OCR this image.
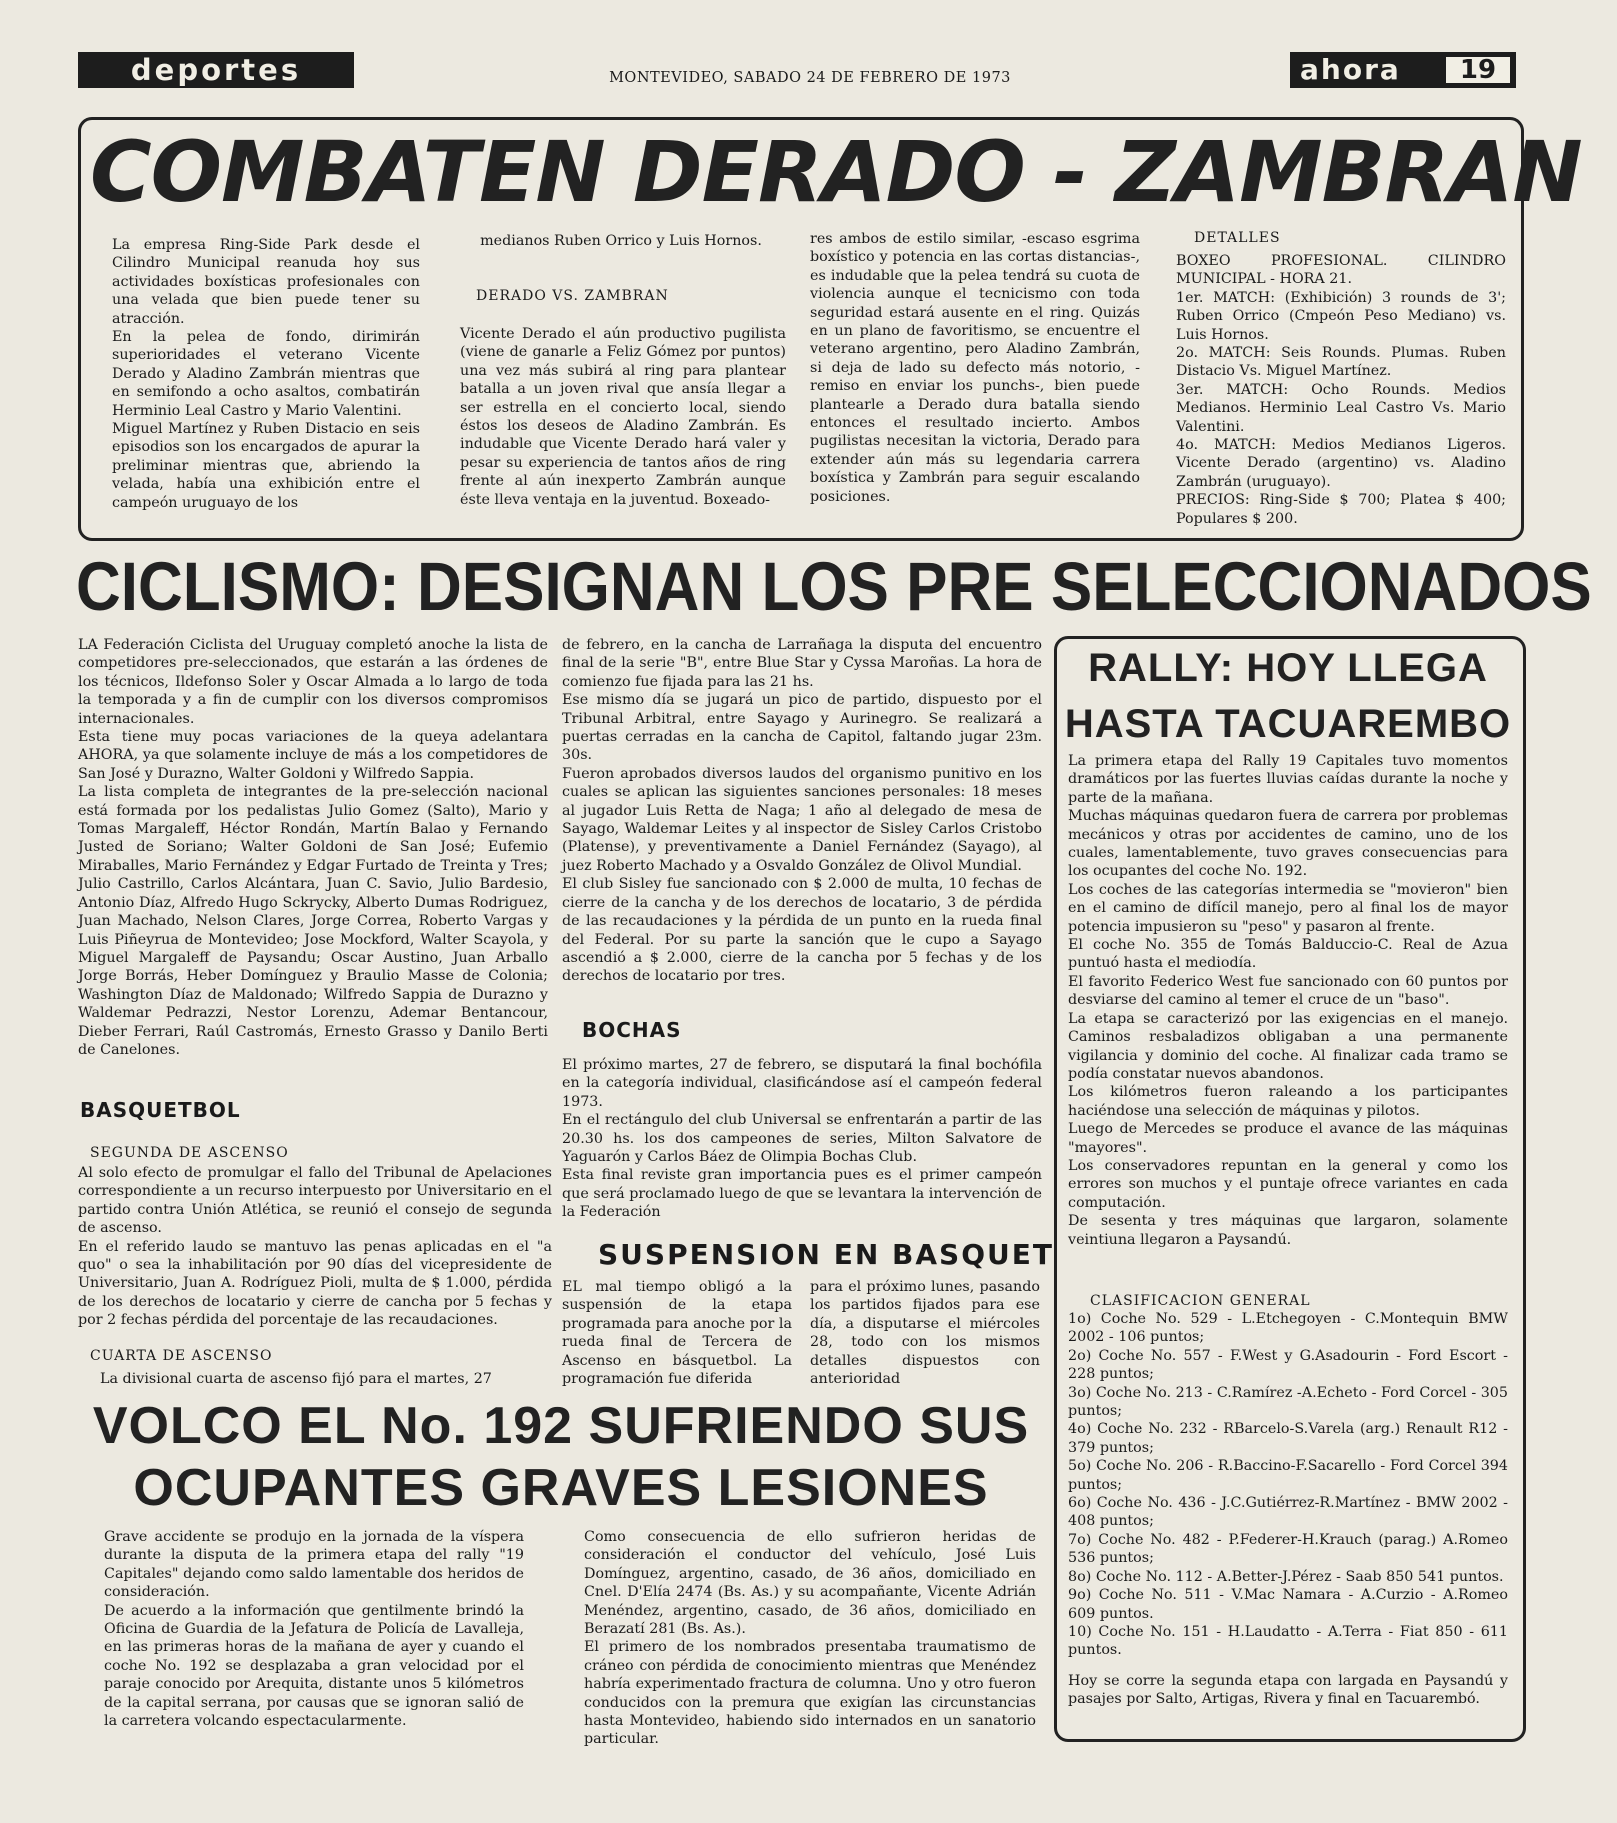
deportes	MONTEVIDEO, SABADO 24 DE FEBRERO DE 1973	ahora	19
COMBATEN DERADO - ZAMBRAN

La empresa Ring-Side Park desde el Cilindro Municipal reanuda hoy sus actividades boxísticas profesionales con una velada que bien puede tener su atracción.
En la pelea de fondo, dirimirán superioridades el veterano Vicente Derado y Aladino Zambrán mientras que en semifondo a ocho asaltos, combatirán Herminio Leal Castro y Mario Valentini.
Miguel Martínez y Ruben Distacio en seis episodios son los encargados de apurar la preliminar mientras que, abriendo la velada, había una exhibición entre el campeón uruguayo de los

medianos Ruben Orrico y Luis Hornos.
DERADO VS. ZAMBRAN

Vicente Derado el aún productivo pugilista (viene de ganarle a Feliz Gómez por puntos) una vez más subirá al ring para plantear batalla a un joven rival que ansía llegar a ser estrella en el concierto local, siendo éstos los deseos de Aladino Zambrán. Es indudable que Vicente Derado hará valer y pesar su experiencia de tantos años de ring frente al aún inexperto Zambrán aunque éste lleva ventaja en la juventud. Boxeado-

res ambos de estilo similar, -escaso esgrima boxístico y potencia en las cortas distancias-, es indudable que la pelea tendrá su cuota de violencia aunque el tecnicismo con toda seguridad estará ausente en el ring. Quizás en un plano de favoritismo, se encuentre el veterano argentino, pero Aladino Zambrán, si deja de lado su defecto más notorio, -remiso en enviar los punchs-, bien puede plantearle a Derado dura batalla siendo entonces el resultado incierto. Ambos pugilistas necesitan la victoria, Derado para extender aún más su legendaria carrera boxística y Zambrán para seguir escalando posiciones.

DETALLES

BOXEO PROFESIONAL. CILINDRO MUNICIPAL - HORA 21.
1er. MATCH: (Exhibición) 3 rounds de 3'; Ruben Orrico (Cmpeón Peso Mediano) vs. Luis Hornos.
2o. MATCH: Seis Rounds. Plumas. Ruben Distacio Vs. Miguel Martínez.
3er. MATCH: Ocho Rounds. Medios Medianos. Herminio Leal Castro Vs. Mario Valentini.
4o. MATCH: Medios Medianos Ligeros. Vicente Derado (argentino) vs. Aladino Zambrán (uruguayo).
PRECIOS: Ring-Side $ 700; Platea $ 400; Populares $ 200.

CICLISMO: DESIGNAN LOS PRE SELECCIONADOS

LA Federación Ciclista del Uruguay completó anoche la lista de competidores pre-seleccionados, que estarán a las órdenes de los técnicos, Ildefonso Soler y Oscar Almada a lo largo de toda la temporada y a fin de cumplir con los diversos compromisos internacionales.
Esta tiene muy pocas variaciones de la queya adelantara AHORA, ya que solamente incluye de más a los competidores de San José y Durazno, Walter Goldoni y Wilfredo Sappia.
La lista completa de integrantes de la pre-selección nacional está formada por los pedalistas Julio Gomez (Salto), Mario y Tomas Margaleff, Héctor Rondán, Martín Balao y Fernando Justed de Soriano; Walter Goldoni de San José; Eufemio Miraballes, Mario Fernández y Edgar Furtado de Treinta y Tres; Julio Castrillo, Carlos Alcántara, Juan C. Savio, Julio Bardesio, Antonio Díaz, Alfredo Hugo Sckrycky, Alberto Dumas Rodriguez, Juan Machado, Nelson Clares, Jorge Correa, Roberto Vargas y Luis Piñeyrua de Montevideo; Jose Mockford, Walter Scayola, y Miguel Margaleff de Paysandu; Oscar Austino, Juan Arballo Jorge Borrás, Heber Domínguez y Braulio Masse de Colonia; Washington Díaz de Maldonado; Wilfredo Sappia de Durazno y Waldemar Pedrazzi, Nestor Lorenzu, Ademar Bentancour, Dieber Ferrari, Raúl Castromás, Ernesto Grasso y Danilo Berti de Canelones.

BASQUETBOL
SEGUNDA DE ASCENSO

Al solo efecto de promulgar el fallo del Tribunal de Apelaciones correspondiente a un recurso interpuesto por Universitario en el partido contra Unión Atlética, se reunió el consejo de segunda de ascenso.
En el referido laudo se mantuvo las penas aplicadas en el "a quo" o sea la inhabilitación por 90 días del vicepresidente de Universitario, Juan A. Rodríguez Pioli, multa de $ 1.000, pérdida de los derechos de locatario y cierre de cancha por 5 fechas y por 2 fechas pérdida del porcentaje de las recaudaciones.

CUARTA DE ASCENSO

La divisional cuarta de ascenso fijó para el martes, 27

de febrero, en la cancha de Larrañaga la disputa del encuentro final de la serie "B", entre Blue Star y Cyssa Maroñas. La hora de comienzo fue fijada para las 21 hs.
Ese mismo día se jugará un pico de partido, dispuesto por el Tribunal Arbitral, entre Sayago y Aurinegro. Se realizará a puertas cerradas en la cancha de Capitol, faltando jugar 23m. 30s.
Fueron aprobados diversos laudos del organismo punitivo en los cuales se aplican las siguientes sanciones personales: 18 meses al jugador Luis Retta de Naga; 1 año al delegado de mesa de Sayago, Waldemar Leites y al inspector de Sisley Carlos Cristobo (Platense), y preventivamente a Daniel Fernández (Sayago), al juez Roberto Machado y a Osvaldo González de Olivol Mundial.
El club Sisley fue sancionado con $ 2.000 de multa, 10 fechas de cierre de la cancha y de los derechos de locatario, 3 de pérdida de las recaudaciones y la pérdida de un punto en la rueda final del Federal. Por su parte la sanción que le cupo a Sayago ascendió a $ 2.000, cierre de la cancha por 5 fechas y de los derechos de locatario por tres.

BOCHAS

El próximo martes, 27 de febrero, se disputará la final bochófila en la categoría individual, clasificándose así el campeón federal 1973.
En el rectángulo del club Universal se enfrentarán a partir de las 20.30 hs. los dos campeones de series, Milton Salvatore de Yaguarón y Carlos Báez de Olimpia Bochas Club.
Esta final reviste gran importancia pues es el primer campeón que será proclamado luego de que se levantara la intervención de la Federación

SUSPENSION EN BASQUET

EL mal tiempo obligó a la suspensión de la etapa programada para anoche por la rueda final de Tercera de Ascenso en básquetbol. La programación fue diferida

para el próximo lunes, pasando los partidos fijados para ese día, a disputarse el miércoles 28, todo con los mismos detalles dispuestos con anterioridad

RALLY: HOY LLEGA
HASTA TACUAREMBO

La primera etapa del Rally 19 Capitales tuvo momentos dramáticos por las fuertes lluvias caídas durante la noche y parte de la mañana.
Muchas máquinas quedaron fuera de carrera por problemas mecánicos y otras por accidentes de camino, uno de los cuales, lamentablemente, tuvo graves consecuencias para los ocupantes del coche No. 192.
Los coches de las categorías intermedia se "movieron" bien en el camino de difícil manejo, pero al final los de mayor potencia impusieron su "peso" y pasaron al frente.
El coche No. 355 de Tomás Balduccio-C. Real de Azua puntuó hasta el mediodía.
El favorito Federico West fue sancionado con 60 puntos por desviarse del camino al temer el cruce de un "baso".
La etapa se caracterizó por las exigencias en el manejo. Caminos resbaladizos obligaban a una permanente vigilancia y dominio del coche. Al finalizar cada tramo se podía constatar nuevos abandonos.
Los kilómetros fueron raleando a los participantes haciéndose una selección de máquinas y pilotos.
Luego de Mercedes se produce el avance de las máquinas "mayores".
Los conservadores repuntan en la general y como los errores son muchos y el puntaje ofrece variantes en cada computación.
De sesenta y tres máquinas que largaron, solamente veintiuna llegaron a Paysandú.

CLASIFICACION GENERAL

1o) Coche No. 529 - L.Etchegoyen - C.Montequin BMW 2002 - 106 puntos;

2o) Coche No. 557 - F.West y G.Asadourin - Ford Escort - 228 puntos;

3o) Coche No. 213 - C.Ramírez -A.Echeto - Ford Corcel - 305 puntos;

4o) Coche No. 232 - RBarcelo-S.Varela (arg.) Renault R12 - 379 puntos;

5o) Coche No. 206 - R.Baccino-F.Sacarello - Ford Corcel 394 puntos;

6o) Coche No. 436 - J.C.Gutiérrez-R.Martínez - BMW 2002 - 408 puntos;

7o) Coche No. 482 - P.Federer-H.Krauch (parag.) A.Romeo 536 puntos;

8o) Coche No. 112 - A.Better-J.Pérez - Saab 850 541 puntos.

9o) Coche No. 511 - V.Mac Namara - A.Curzio - A.Romeo 609 puntos.

10) Coche No. 151 - H.Laudatto - A.Terra - Fiat 850 - 611 puntos.

Hoy se corre la segunda etapa con largada en Paysandú y pasajes por Salto, Artigas, Rivera y final en Tacuarembó.

VOLCO EL No. 192 SUFRIENDO SUS
OCUPANTES GRAVES LESIONES

Grave accidente se produjo en la jornada de la víspera durante la disputa de la primera etapa del rally "19 Capitales" dejando como saldo lamentable dos heridos de consideración.
De acuerdo a la información que gentilmente brindó la Oficina de Guardia de la Jefatura de Policía de Lavalleja, en las primeras horas de la mañana de ayer y cuando el coche No. 192 se desplazaba a gran velocidad por el paraje conocido por Arequita, distante unos 5 kilómetros de la capital serrana, por causas que se ignoran salió de la carretera volcando espectacularmente.

Como consecuencia de ello sufrieron heridas de consideración el conductor del vehículo, José Luis Domínguez, argentino, casado, de 36 años, domiciliado en Cnel. D'Elía 2474 (Bs. As.) y su acompañante, Vicente Adrián Menéndez, argentino, casado, de 36 años, domiciliado en Berazatí 281 (Bs. As.).
El primero de los nombrados presentaba traumatismo de cráneo con pérdida de conocimiento mientras que Menéndez habría experimentado fractura de columna. Uno y otro fueron conducidos con la premura que exigían las circunstancias hasta Montevideo, habiendo sido internados en un sanatorio particular.
